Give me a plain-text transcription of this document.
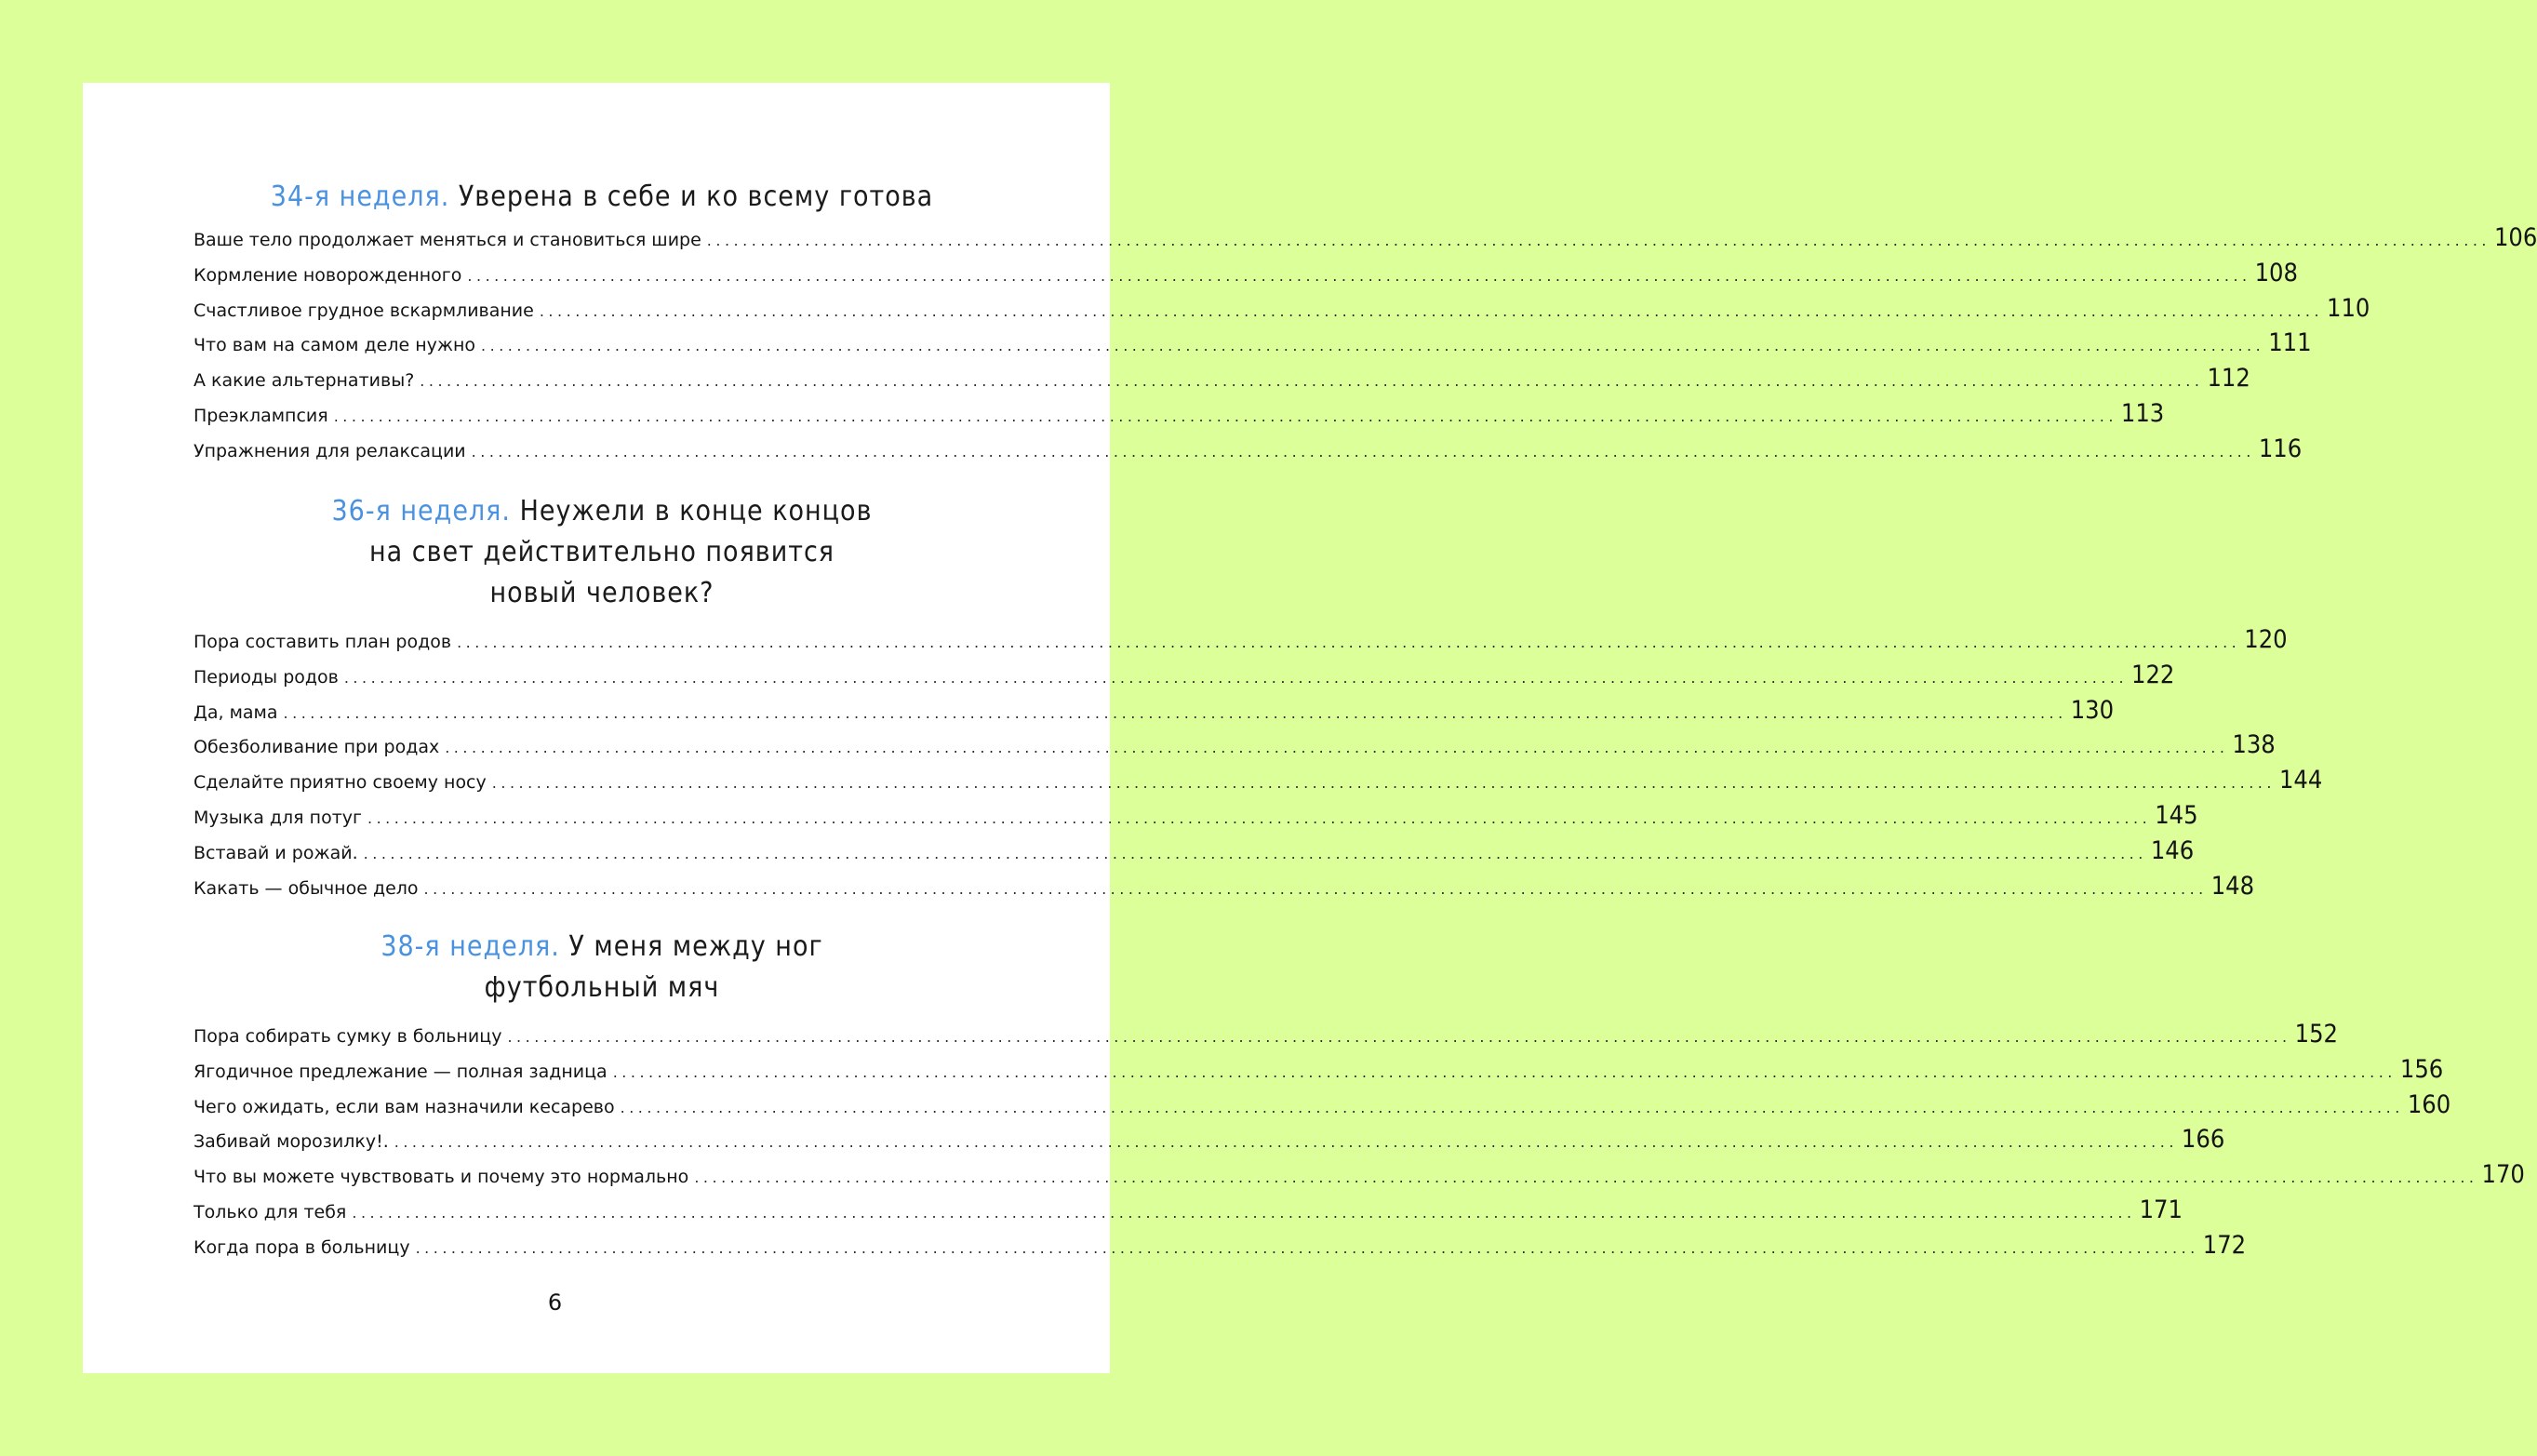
34-я неделя. Уверена в себе и ко всему готова
Ваше тело продолжает меняться и становиться шире ........................................................................................................................................................................................................ 106
Кормление новорожденного ........................................................................................................................................................................................................ 108
Счастливое грудное вскармливание ........................................................................................................................................................................................................ 110
Что вам на самом деле нужно ........................................................................................................................................................................................................ 111
А какие альтернативы? ........................................................................................................................................................................................................ 112
Преэклампсия ........................................................................................................................................................................................................ 113
Упражнения для релаксации ........................................................................................................................................................................................................ 116
36-я неделя. Неужели в конце концов
на свет действительно появится
новый человек?
Пора составить план родов ........................................................................................................................................................................................................ 120
Периоды родов ........................................................................................................................................................................................................ 122
Да, мама ........................................................................................................................................................................................................ 130
Обезболивание при родах ........................................................................................................................................................................................................ 138
Сделайте приятно своему носу ........................................................................................................................................................................................................ 144
Музыка для потуг ........................................................................................................................................................................................................ 145
Вставай и рожай. ........................................................................................................................................................................................................ 146
Какать — обычное дело ........................................................................................................................................................................................................ 148
38-я неделя. У меня между ног
футбольный мяч
Пора собирать сумку в больницу ........................................................................................................................................................................................................ 152
Ягодичное предлежание — полная задница ........................................................................................................................................................................................................ 156
Чего ожидать, если вам назначили кесарево ........................................................................................................................................................................................................ 160
Забивай морозилку!. ........................................................................................................................................................................................................ 166
Что вы можете чувствовать и почему это нормально ........................................................................................................................................................................................................ 170
Только для тебя ........................................................................................................................................................................................................ 171
Когда пора в больницу ........................................................................................................................................................................................................ 172
6
